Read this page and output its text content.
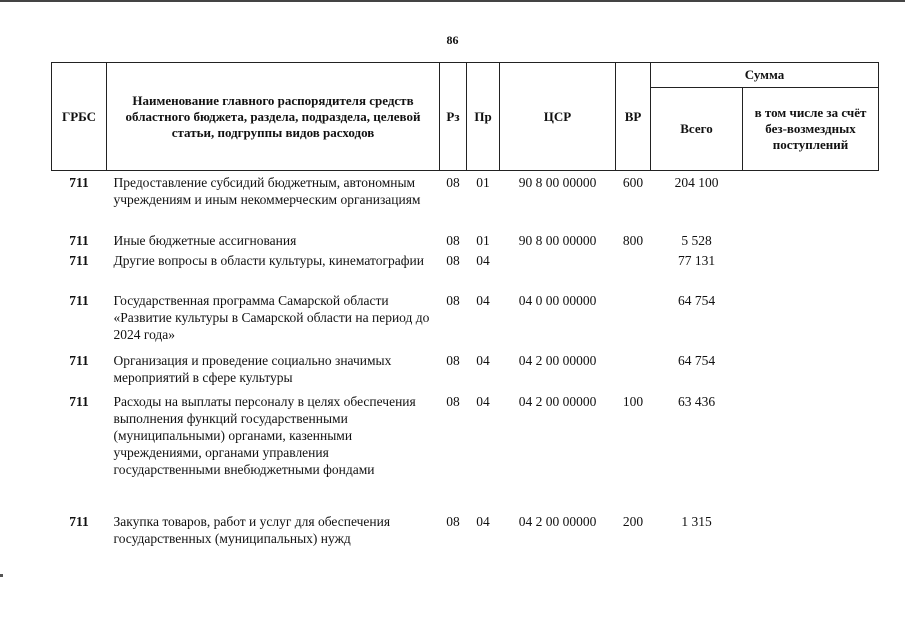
86
ГРБС	Наименование главного распорядителя средств областного бюджета, раздела, подраздела, целевой статьи, подгруппы видов расходов	Рз	Пр	ЦСР	ВР	Сумма	
						Всего	в том числе за счёт без-возмездных поступлений
711	Предоставление субсидий бюджетным, автономным учреждениям и иным некоммерческим организациям	08	01	90 8 00 00000	600	204 100	
711	Иные бюджетные ассигнования	08	01	90 8 00 00000	800	5 528	
711	Другие вопросы в области культуры, кинематографии	08	04			77 131	
711	Государственная программа Самарской области «Развитие культуры в Самарской области на период до 2024 года»	08	04	04 0 00 00000		64 754	
711	Организация и проведение социально значимых мероприятий в сфере культуры	08	04	04 2 00 00000		64 754	
711	Расходы на выплаты персоналу в целях обеспечения выполнения функций государственными (муниципальными) органами, казенными учреждениями, органами управления государственными внебюджетными фондами	08	04	04 2 00 00000	100	63 436	
711	Закупка товаров, работ и услуг для обеспечения государственных (муниципальных) нужд	08	04	04 2 00 00000	200	1 315	
